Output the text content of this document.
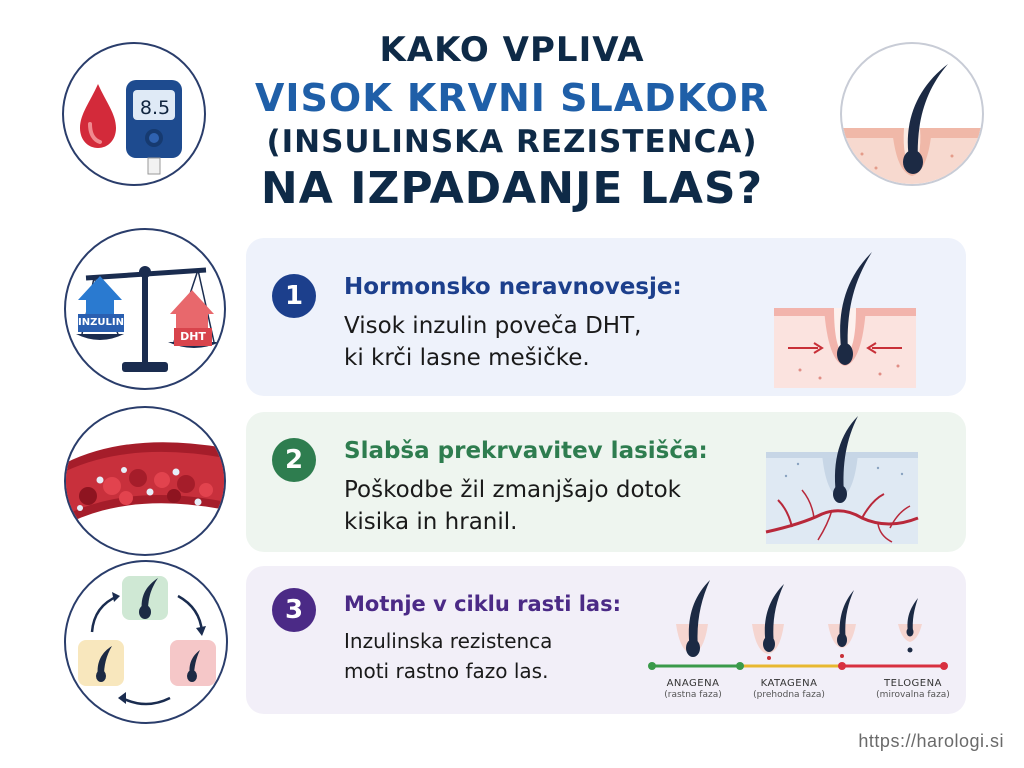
KAKO VPLIVA
VISOK KRVNI SLADKOR
(INSULINSKA REZISTENCA)
NA IZPADANJE LAS?
8.5
INZULIN
DHT
1	Hormonsko neravnovesje:
Visok inzulin poveča DHT,
ki krči lasne mešičke.
2	Slabša prekrvavitev lasišča:
Poškodbe žil zmanjšajo dotok
kisika in hranil.
3	Motnje v ciklu rasti las:
Inzulinska rezistenca
moti rastno fazo las.
ANAGENA
(rastna faza)
KATAGENA
(prehodna faza)
TELOGENA
(mirovalna faza)
https://harologi.si
